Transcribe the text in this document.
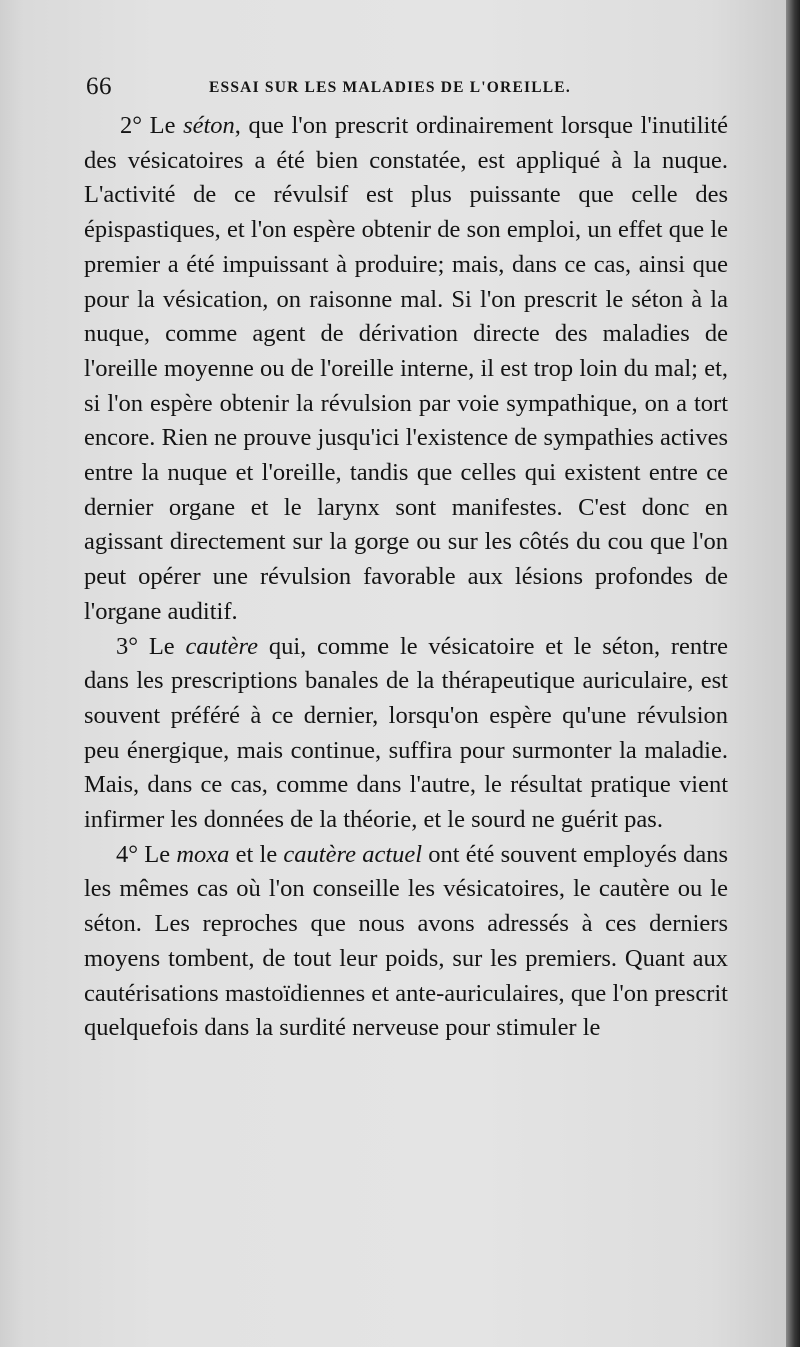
66	ESSAI SUR LES MALADIES DE L'OREILLE.

2° Le séton, que l'on prescrit ordinairement lorsque l'inutilité des vésicatoires a été bien constatée, est appliqué à la nuque. L'activité de ce révulsif est plus puissante que celle des épispastiques, et l'on espère obtenir de son emploi, un effet que le premier a été impuissant à produire; mais, dans ce cas, ainsi que pour la vésication, on raisonne mal. Si l'on prescrit le séton à la nuque, comme agent de dérivation directe des maladies de l'oreille moyenne ou de l'oreille interne, il est trop loin du mal; et, si l'on espère obtenir la révulsion par voie sympathique, on a tort encore. Rien ne prouve jusqu'ici l'existence de sympathies actives entre la nuque et l'oreille, tandis que celles qui existent entre ce dernier organe et le larynx sont manifestes. C'est donc en agissant directement sur la gorge ou sur les côtés du cou que l'on peut opérer une révulsion favorable aux lésions profondes de l'organe auditif.

3° Le cautère qui, comme le vésicatoire et le séton, rentre dans les prescriptions banales de la thérapeutique auriculaire, est souvent préféré à ce dernier, lorsqu'on espère qu'une révulsion peu énergique, mais continue, suffira pour surmonter la maladie. Mais, dans ce cas, comme dans l'autre, le résultat pratique vient infirmer les données de la théorie, et le sourd ne guérit pas.

4° Le moxa et le cautère actuel ont été souvent employés dans les mêmes cas où l'on conseille les vésicatoires, le cautère ou le séton. Les reproches que nous avons adressés à ces derniers moyens tombent, de tout leur poids, sur les premiers. Quant aux cautérisations mastoïdiennes et ante-auriculaires, que l'on prescrit quelquefois dans la surdité nerveuse pour stimuler le
